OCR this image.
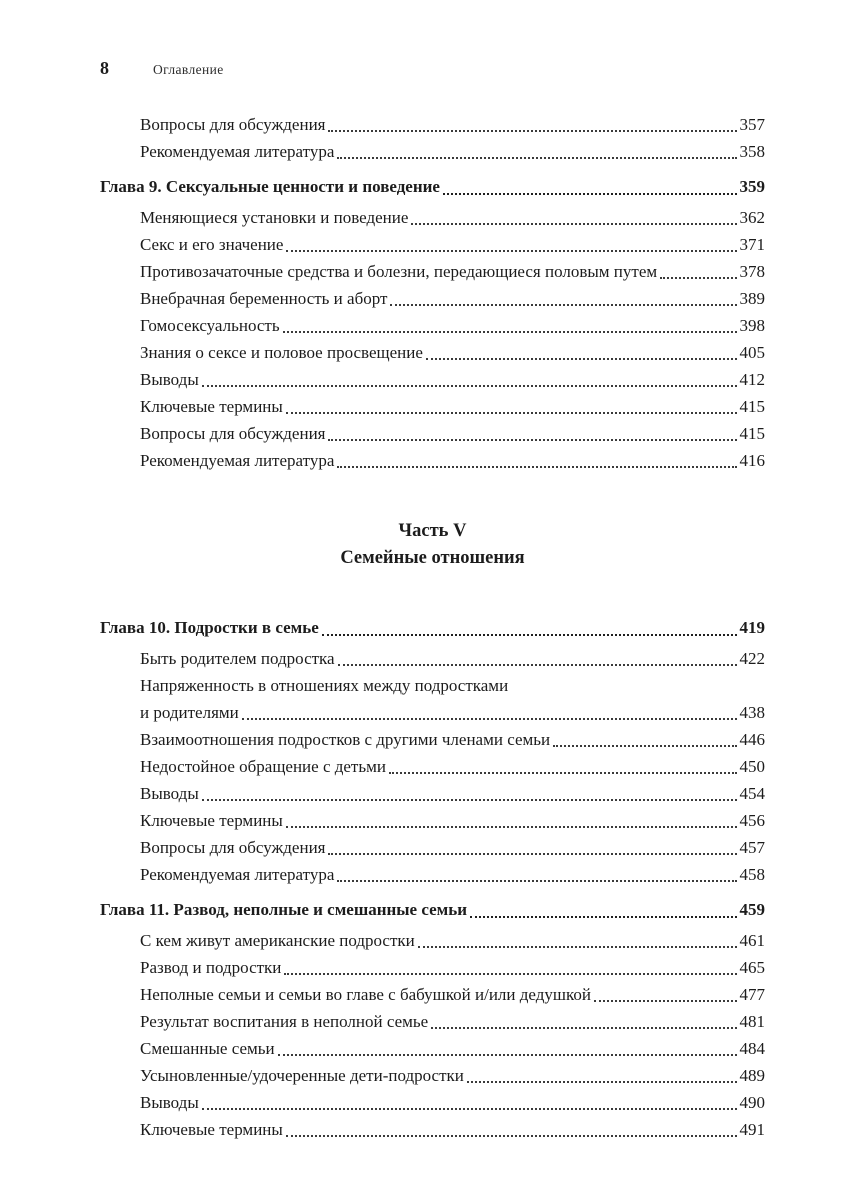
8	Оглавление
Вопросы для обсуждения	357
Рекомендуемая литература	358
Глава 9. Сексуальные ценности и поведение	359
Меняющиеся установки и поведение	362
Секс и его значение	371
Противозачаточные средства и болезни, передающиеся половым путем	378
Внебрачная беременность и аборт	389
Гомосексуальность	398
Знания о сексе и половое просвещение	405
Выводы	412
Ключевые термины	415
Вопросы для обсуждения	415
Рекомендуемая литература	416
Часть V
Семейные отношения
Глава 10. Подростки в семье	419
Быть родителем подростка	422
Напряженность в отношениях между подростками
и родителями	438
Взаимоотношения подростков с другими членами семьи	446
Недостойное обращение с детьми	450
Выводы	454
Ключевые термины	456
Вопросы для обсуждения	457
Рекомендуемая литература	458
Глава 11. Развод, неполные и смешанные семьи	459
С кем живут американские подростки	461
Развод и подростки	465
Неполные семьи и семьи во главе с бабушкой и/или дедушкой	477
Результат воспитания в неполной семье	481
Смешанные семьи	484
Усыновленные/удочеренные дети-подростки	489
Выводы	490
Ключевые термины	491
